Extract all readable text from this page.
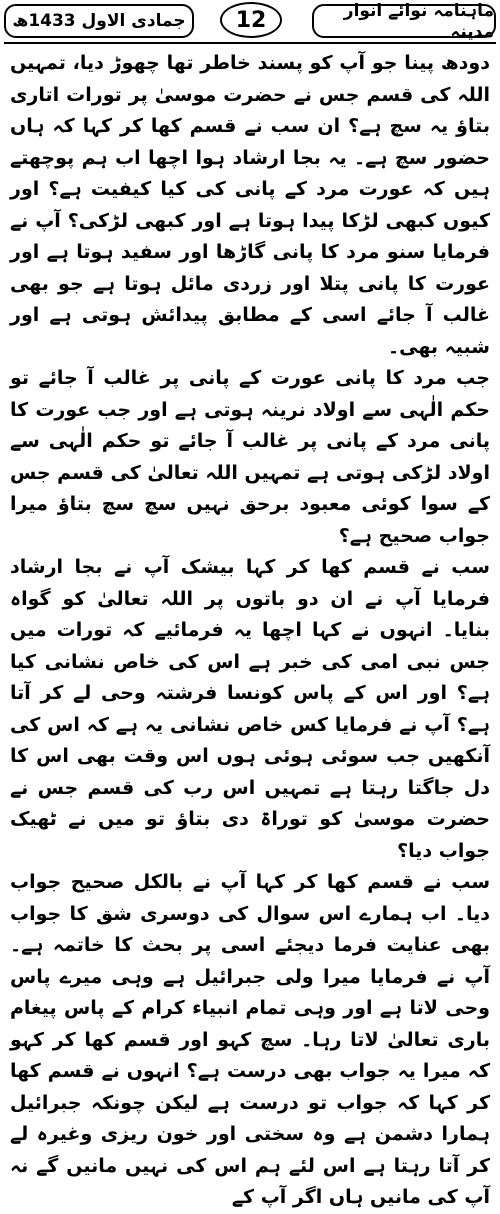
جمادی الاول 1433ھ 12	ماہنامہ نوائے انوار مدینہ

دودھ پینا جو آپ کو پسند خاطر تھا چھوڑ دیا، تمہیں اللہ کی قسم جس نے حضرت موسیٰ پر تورات اتاری بتاؤ یہ سچ ہے؟ ان سب نے قسم کھا کر کہا کہ ہاں حضور سچ ہے۔ یہ بجا ارشاد ہوا اچھا اب ہم پوچھتے ہیں کہ عورت مرد کے پانی کی کیا کیفیت ہے؟ اور کیوں کبھی لڑکا پیدا ہوتا ہے اور کبھی لڑکی؟ آپ نے فرمایا سنو مرد کا پانی گاڑھا اور سفید ہوتا ہے اور عورت کا پانی پتلا اور زردی مائل ہوتا ہے جو بھی غالب آ جائے اسی کے مطابق پیدائش ہوتی ہے اور شبیہ بھی۔

جب مرد کا پانی عورت کے پانی پر غالب آ جائے تو حکم الٰہی سے اولاد نرینہ ہوتی ہے اور جب عورت کا پانی مرد کے پانی پر غالب آ جائے تو حکم الٰہی سے اولاد لڑکی ہوتی ہے تمہیں اللہ تعالیٰ کی قسم جس کے سوا کوئی معبود برحق نہیں سچ سچ بتاؤ میرا جواب صحیح ہے؟

سب نے قسم کھا کر کہا بیشک آپ نے بجا ارشاد فرمایا آپ نے ان دو باتوں پر اللہ تعالیٰ کو گواہ بنایا۔ انہوں نے کہا اچھا یہ فرمائیے کہ تورات میں جس نبی امی کی خبر ہے اس کی خاص نشانی کیا ہے؟ اور اس کے پاس کونسا فرشتہ وحی لے کر آتا ہے؟ آپ نے فرمایا کس خاص نشانی یہ ہے کہ اس کی آنکھیں جب سوئی ہوئی ہوں اس وقت بھی اس کا دل جاگتا رہتا ہے تمہیں اس رب کی قسم جس نے حضرت موسیٰ کو توراۃ دی بتاؤ تو میں نے ٹھیک جواب دیا؟

سب نے قسم کھا کر کہا آپ نے بالکل صحیح جواب دیا۔ اب ہمارے اس سوال کی دوسری شق کا جواب بھی عنایت فرما دیجئے اسی پر بحث کا خاتمہ ہے۔ آپ نے فرمایا میرا ولی جبرائیل ہے وہی میرے پاس وحی لاتا ہے اور وہی تمام انبیاء کرام کے پاس پیغام باری تعالیٰ لاتا رہا۔ سچ کہو اور قسم کھا کر کہو کہ میرا یہ جواب بھی درست ہے؟ انہوں نے قسم کھا کر کہا کہ جواب تو درست ہے لیکن چونکہ جبرائیل ہمارا دشمن ہے وہ سختی اور خون ریزی وغیرہ لے کر آتا رہتا ہے اس لئے ہم اس کی نہیں مانیں گے نہ آپ کی مانیں ہاں اگر آپ کے
